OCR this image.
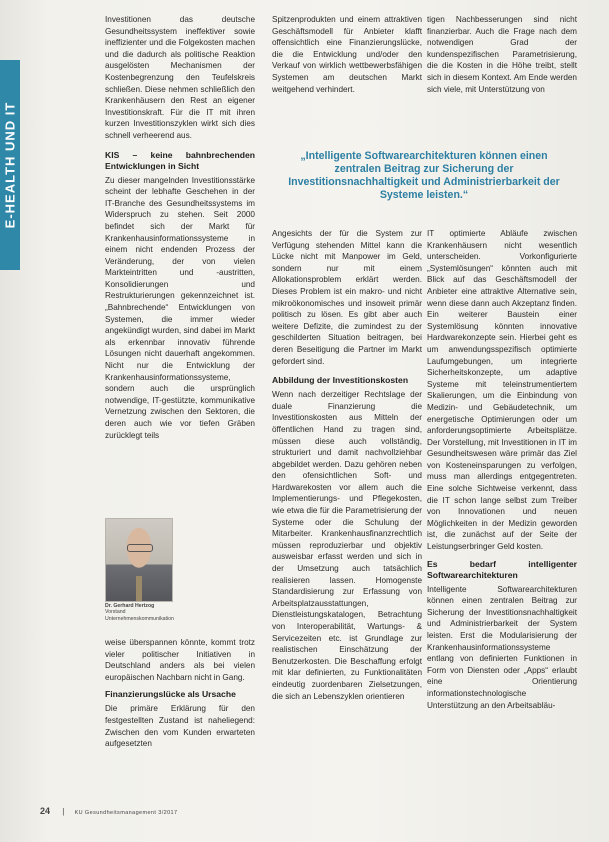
E-HEALTH UND IT

Investitionen das deutsche Gesundheitssystem ineffektiver sowie ineffizienter und die Folgekosten machen und die dadurch als politische Reaktion ausgelösten Mechanismen der Kostenbegrenzung den Teufelskreis schließen. Diese nehmen schließlich den Krankenhäusern den Rest an eigener Investitionskraft. Für die IT mit ihren kurzen Investitionszyklen wirkt sich dies schnell verheerend aus.

KIS – keine bahnbrechenden Entwicklungen in Sicht

Zu dieser mangelnden Investitionsstärke scheint der lebhafte Geschehen in der IT-Branche des Gesundheitssystems im Widerspruch zu stehen. Seit 2000 befindet sich der Markt für Krankenhausinformationssysteme in einem nicht endenden Prozess der Veränderung, der von vielen Markteintritten und -austritten, Konsolidierungen und Restrukturierungen gekennzeichnet ist. „Bahnbrechende“ Entwicklungen von Systemen, die immer wieder angekündigt wurden, sind dabei im Markt als erkennbar innovativ führende Lösungen nicht dauerhaft angekommen. Nicht nur die Entwicklung der Krankenhausinformationssysteme, sondern auch die ursprünglich notwendige, IT-gestützte, kommunikative Vernetzung zwischen den Sektoren, die deren auch wie vor tiefen Gräben zurücklegt teils

Dr. Gerhard Hertzog
Vorstand
Unternehmenskommunikation

weise überspannen könnte, kommt trotz vieler politischer Initiativen in Deutschland anders als bei vielen europäischen Nachbarn nicht in Gang.

Finanzierungslücke als Ursache

Die primäre Erklärung für den festgestellten Zustand ist naheliegend: Zwischen den vom Kunden erwarteten aufgesetzten

Spitzenprodukten und einem attraktiven Geschäftsmodell für Anbieter klafft offensichtlich eine Finanzierungslücke, die die Entwicklung und/oder den Verkauf von wirklich wettbewerbsfähigen Systemen am deutschen Markt weitgehend verhindert.

„Intelligente Softwarearchitekturen können einen zentralen Beitrag zur Sicherung der Investitionsnachhaltigkeit und Administrierbarkeit der Systeme leisten.“

Angesichts der für die System zur Verfügung stehenden Mittel kann die Lücke nicht mit Manpower im Geld, sondern nur mit einem Allokationsproblem erklärt werden. Dieses Problem ist ein makro- und nicht mikroökonomisches und insoweit primär politisch zu lösen. Es gibt aber auch weitere Defizite, die zumindest zu der geschilderten Situation beitragen, bei deren Beseitigung die Partner im Markt gefordert sind.

Abbildung der Investitionskosten

Wenn nach derzeitiger Rechtslage der duale Finanzierung die Investitionskosten aus Mitteln der öffentlichen Hand zu tragen sind, müssen diese auch vollständig, strukturiert und damit nachvollziehbar abgebildet werden. Dazu gehören neben den ofensichtlichen Soft- und Hardwarekosten vor allem auch die Implementierungs- und Pflegekosten, wie etwa die für die Parametrisierung der Systeme oder die Schulung der Mitarbeiter. Krankenhausfinanzrechtlich müssen reproduzierbar und objektiv ausweisbar erfasst werden und sich in der Umsetzung auch tatsächlich realisieren lassen. Homogenste Standardisierung zur Erfassung von Arbeitsplatzausstattungen, Dienstleistungskatalogen, Betrachtung von Interoperabilität, Wartungs- & Servicezeiten etc. ist Grundlage zur realistischen Einschätzung der Benutzerkosten. Die Beschaffung erfolgt mit klar definierten, zu Funktionalitäten eindeutig zuordenbaren Zielsetzungen, die sich an Lebenszyklen orientieren

tigen Nachbesserungen sind nicht finanzierbar. Auch die Frage nach dem notwendigen Grad der kundenspezifischen Parametrisierung, die die Kosten in die Höhe treibt, stellt sich in diesem Kontext. Am Ende werden sich viele, mit Unterstützung von

IT optimierte Abläufe zwischen Krankenhäusern nicht wesentlich unterscheiden. Vorkonfigurierte „Systemlösungen“ könnten auch mit Blick auf das Geschäftsmodell der Anbieter eine attraktive Alternative sein, wenn diese dann auch Akzeptanz finden. Ein weiterer Baustein einer Systemlösung könnten innovative Hardwarekonzepte sein. Hierbei geht es um anwendungsspezifisch optimierte Laufumgebungen, um integrierte Sicherheitskonzepte, um adaptive Systeme mit teleinstrumentiertem Skalierungen, um die Einbindung von Medizin- und Gebäudetechnik, um energetische Optimierungen oder um anforderungsoptimierte Arbeitsplätze. Der Vorstellung, mit Investitionen in IT im Gesundheitswesen wäre primär das Ziel von Kosteneinsparungen zu verfolgen, muss man allerdings entgegentreten. Eine solche Sichtweise verkennt, dass die IT schon lange selbst zum Treiber von Innovationen und neuen Möglichkeiten in der Medizin geworden ist, die zunächst auf der Seite der Leistungserbringer Geld kosten.

Es bedarf intelligenter Softwarearchitekturen

Intelligente Softwarearchitekturen können einen zentralen Beitrag zur Sicherung der Investitionsnachhaltigkeit und Administrierbarkeit der System leisten. Erst die Modularisierung der Krankenhausinformationssysteme entlang von definierten Funktionen in Form von Diensten oder „Apps“ erlaubt eine Orientierung informationstechnologische Unterstützung an den Arbeitsabläu-

24 | KU Gesundheitsmanagement 3/2017
